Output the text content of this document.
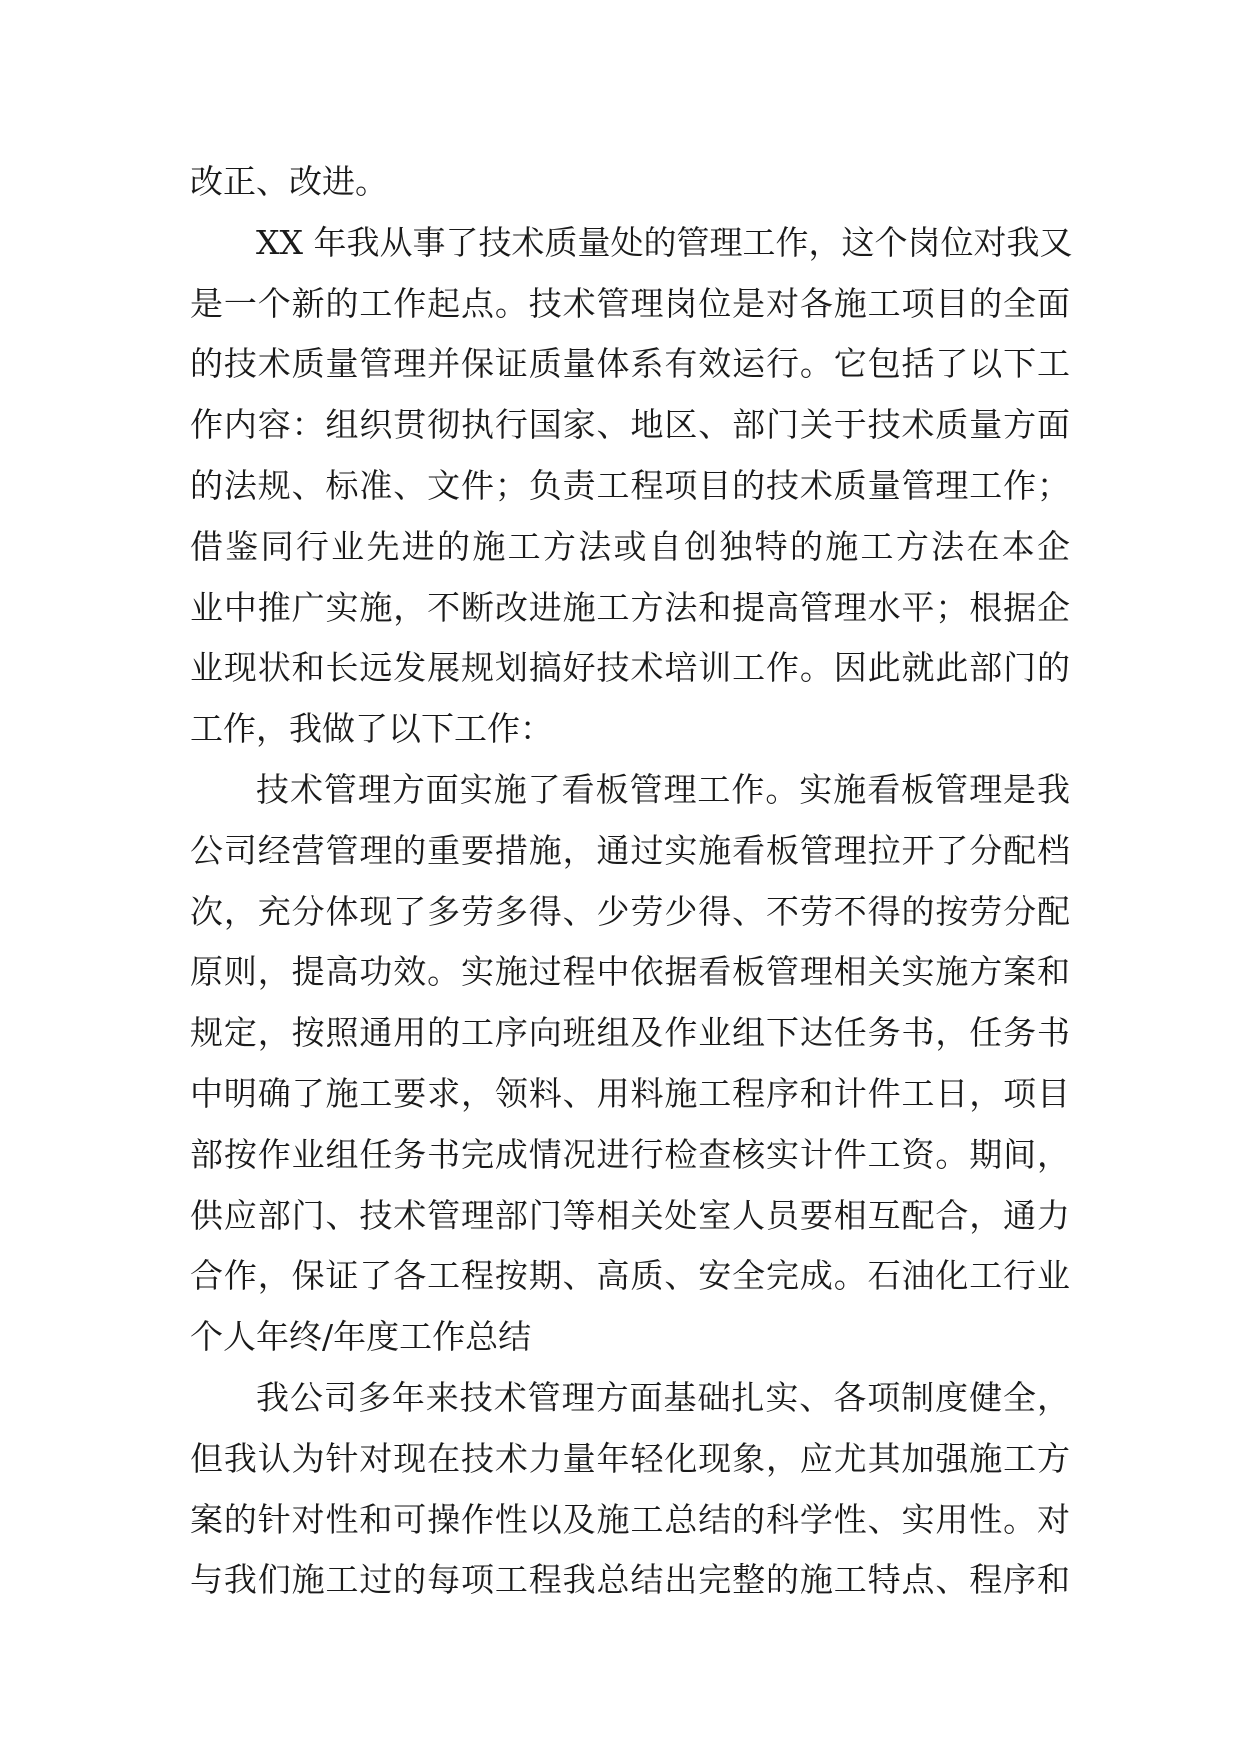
改正、改进。
XX 年我从事了技术质量处的管理工作，这个岗位对我又
是一个新的工作起点。技术管理岗位是对各施工项目的全面
的技术质量管理并保证质量体系有效运行。它包括了以下工
作内容：组织贯彻执行国家、地区、部门关于技术质量方面
的法规、标准、文件；负责工程项目的技术质量管理工作；
借鉴同行业先进的施工方法或自创独特的施工方法在本企
业中推广实施，不断改进施工方法和提高管理水平；根据企
业现状和长远发展规划搞好技术培训工作。因此就此部门的
工作，我做了以下工作：
技术管理方面实施了看板管理工作。实施看板管理是我
公司经营管理的重要措施，通过实施看板管理拉开了分配档
次，充分体现了多劳多得、少劳少得、不劳不得的按劳分配
原则，提高功效。实施过程中依据看板管理相关实施方案和
规定，按照通用的工序向班组及作业组下达任务书，任务书
中明确了施工要求，领料、用料施工程序和计件工日，项目
部按作业组任务书完成情况进行检查核实计件工资。期间，
供应部门、技术管理部门等相关处室人员要相互配合，通力
合作，保证了各工程按期、高质、安全完成。石油化工行业
个人年终/年度工作总结
我公司多年来技术管理方面基础扎实、各项制度健全，
但我认为针对现在技术力量年轻化现象，应尤其加强施工方
案的针对性和可操作性以及施工总结的科学性、实用性。对
与我们施工过的每项工程我总结出完整的施工特点、程序和
